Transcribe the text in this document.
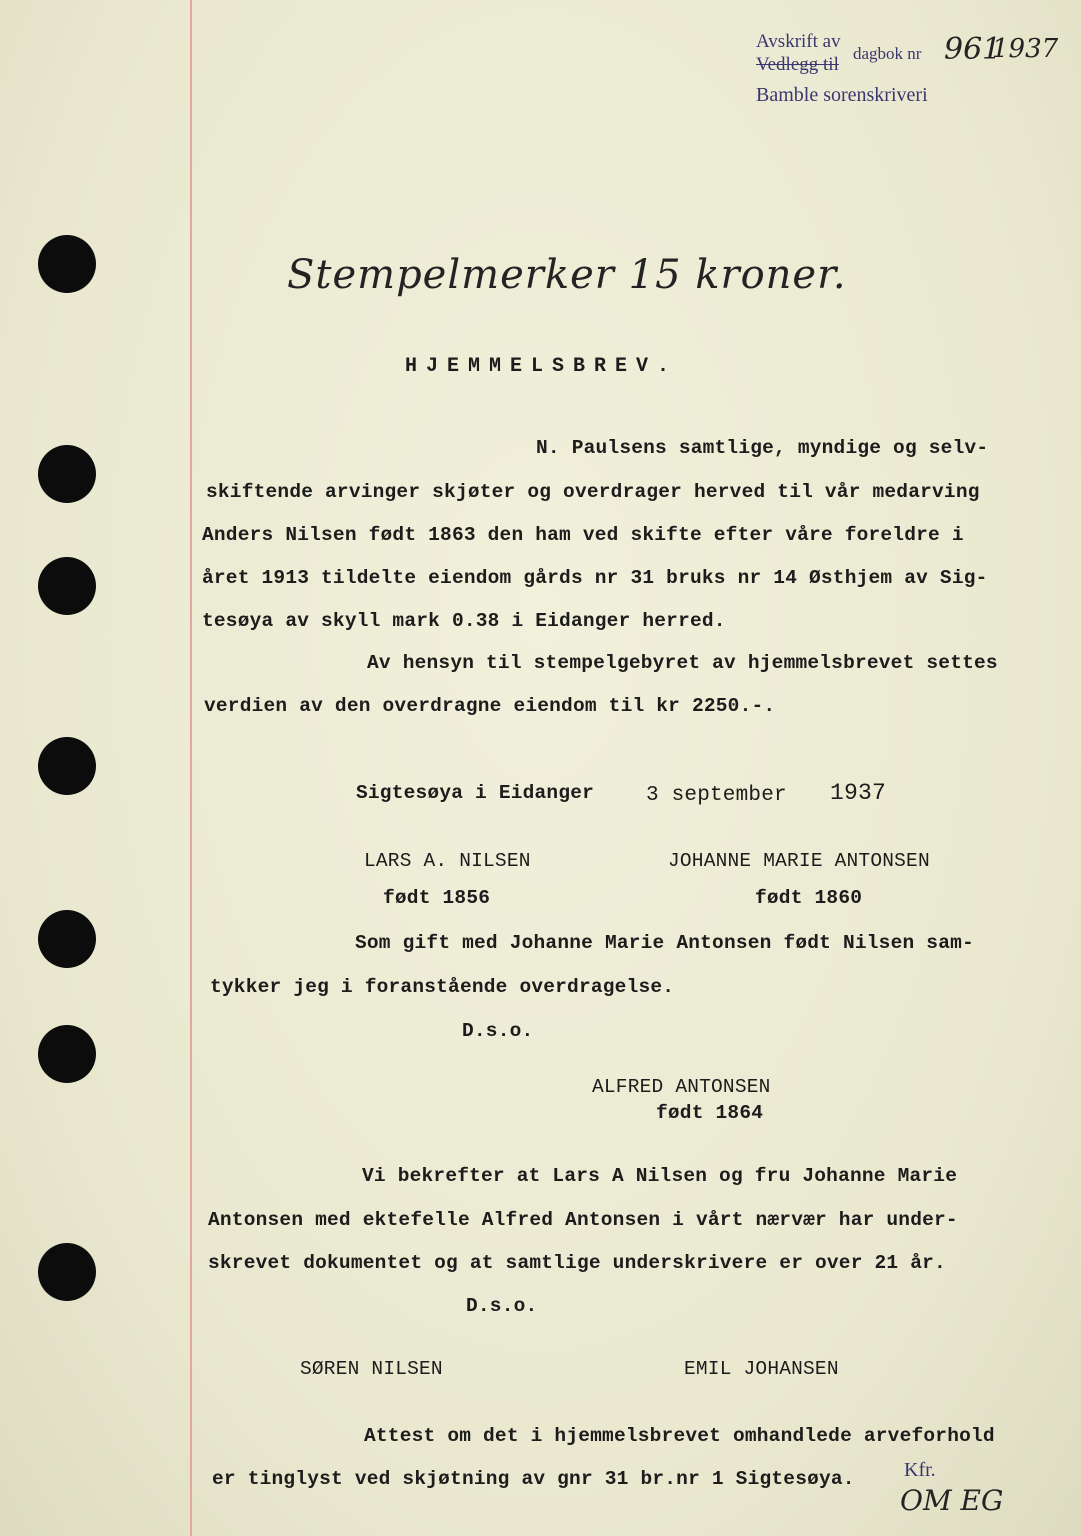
Avskrift av
Vedlegg til
dagbok nr 961
1937
Bamble sorenskriveri
Stempelmerker 15 kroner.
HJEMMELSBREV.
N. Paulsens samtlige, myndige og selv-
skiftende arvinger skjøter og overdrager herved til vår medarving
Anders Nilsen født 1863 den ham ved skifte efter våre foreldre i
året 1913 tildelte eiendom gårds nr 31 bruks nr 14 Østhjem av Sig-
tesøya av skyll mark 0.38 i Eidanger herred.
Av hensyn til stempelgebyret av hjemmelsbrevet settes
verdien av den overdragne eiendom til kr 2250.-.
Sigtesøya i Eidanger 3 september 1937
LARS A. NILSEN
født 1856
JOHANNE MARIE ANTONSEN
født 1860
Som gift med Johanne Marie Antonsen født Nilsen sam-
tykker jeg i foranstående overdragelse.
D.s.o.
ALFRED ANTONSEN
født 1864
Vi bekrefter at Lars A Nilsen og fru Johanne Marie
Antonsen med ektefelle Alfred Antonsen i vårt nærvær har under-
skrevet dokumentet og at samtlige underskrivere er over 21 år.
D.s.o.
SØREN NILSEN	EMIL JOHANSEN
Attest om det i hjemmelsbrevet omhandlede arveforhold
er tinglyst ved skjøtning av gnr 31 br.nr 1 Sigtesøya. Kfr.
OM EG
